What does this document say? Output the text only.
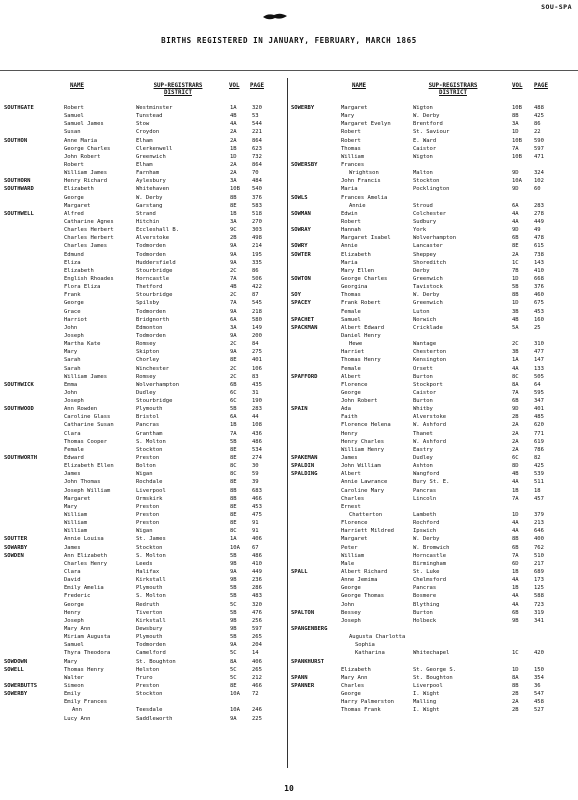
SOU-SPA
BIRTHS REGISTERED IN JANUARY, FEBRUARY, MARCH 1865
NAME	SUP-REGISTRARS DISTRICT
VOL PAGE	NAME	SUP-REGISTRARS DISTRICT
VOL PAGE
SOUTHGATE	Robert	Westminster	1A	320
Samuel	Tunstead	4B	53
Samuel James	Stow	4A	544
Susan	Croydon	2A	221
SOUTHON	Anne Maria	Elham	2A	864
George Charles	Clerkenwell	1B	623
John Robert	Greenwich	1D	732
Robert	Elham	2A	864
William James	Farnham	2A	70
SOUTHORN	Henry Richard	Aylesbury	3A	484
SOUTHWARD	Elizabeth	Whitehaven	10B 540
George	W. Derby	8B	376
Margaret	Garstang	8E	583
SOUTHWELL	Alfred	Strand	1B	518
Catharine Agnes	Hitchin	3A	270
Charles Herbert	Eccleshall B.	9C	303
Charles Herbert	Alverstoke	2B	498
Charles James	Todmorden	9A	214
Edmund	Todmorden	9A	195
Eliza	Huddersfield	9A	335
Elizabeth	Stourbridge	2C	86
English Rhoades	Horncastle	7A	506
Flora Eliza	Thetford	4B	422
Frank	Stourbridge	2C	87
George	Spilsby	7A	545
Grace	Todmorden	9A	218
Harriot	Bridgnorth	6A	580
John	Edmonton	3A	149
Joseph	Todmorden	9A	200
Martha Kate	Romsey	2C	84
Mary	Skipton	9A	275
Sarah	Chorley	8E	401
Sarah	Winchester	2C	106
William James	Romsey	2C	83
SOUTHWICK	Emma	Wolverhampton	6B	435
John	Dudley	6C	31
Joseph	Stourbridge	6C	190
SOUTHWOOD	Ann Rowden	Plymouth	5B	283
Caroline Glass	Bristol	6A	44
Catharine Susan	Pancras	1B	108
Clara	Grantham	7A	436
Thomas Cooper	S. Molton	5B	486
Female	Stockton	8E	534
SOUTHWORTH	Edward	Preston	8E	274
Elizabeth Ellen	Bolton	8C	30
James	Wigan	8C	59
John Thomas	Rochdale	8E	39
Joseph William	Liverpool	8B	683
Margaret	Ormskirk	8B	466
Mary	Preston	8E	453
William	Preston	8E	475
William	Preston	8E	91
William	Wigan	8C	91
SOUTTER	Annie Louisa	St. James	1A	406
SOWARBY	James	Stockton	10A 67
SOWDEN	Ann Elizabeth	S. Molton	5B	486
Charles Henry	Leeds	9B	410
Clara	Halifax	9A	449
David	Kirkstall	9B	236
Emily Amelia	Plymouth	5B	286
Frederic	S. Molton	5B	483
George	Redruth	5C	320
Henry	Tiverton	5B	476
Joseph	Kirkstall	9B	256
Mary Ann	Dewsbury	9B	597
Miriam Augusta	Plymouth	5B	265
Samuel	Todmorden	9A	204
Thyra Theodora	Camelford	5C	14
SOWDOWN	Mary	St. Boughton	8A	406
SOWELL	Thomas Henry	Helston	5C	265
Walter	Truro	5C	212
SOWERBUTTS	Simeon	Preston	8E	466
SOWERBY	Emily	Stockton	10A 72
Emily Frances
Ann	Teesdale	10A 246
Lucy Ann	Saddleworth	9A	225
SOWERBY	Margaret	Wigton	10B 488
Mary	W. Derby	8B	425
Margaret Evelyn	Brentford	3A	86
Robert	St. Saviour	1D	22
Robert	E. Ward	10B 590
Thomas	Caistor	7A	597
William	Wigton	10B 471
SOWERSBY	Frances
Wrightson	Malton	9D	324
John Francis	Stockton	10A 102
Maria	Pocklington	9D	60
SOWLS	Frances Amelia
Annie	Stroud	6A	283
SOWMAN	Edwin	Colchester	4A	278
Robert	Sudbury	4A	449
SOWRAY	Hannah	York	9D	49
Margaret Isabel	Wolverhampton	6B	478
SOWRY	Annie	Lancaster	8E	615
SOWTER	Elizabeth	Sheppey	2A	738
Maria	Shoreditch	1C	143
Mary Ellen	Derby	7B	410
SOWTON	George Charles	Greenwich	1D	668
Georgina	Tavistock	5B	376
SOY	Thomas	W. Derby	8B	460
SPACEY	Frank Robert	Greenwich	1D	675
Female	Luton	3B	453
SPACHET	Samuel	Norwich	4B	160
SPACKMAN	Albert Edward	Cricklade	5A	25
Daniel Henry
Hewe	Wantage	2C	310
Harriet	Chesterton	3B	477
Thomas Henry	Kensington	1A	147
Female	Orsett	4A	133
SPAFFORD	Albert	Burton	8C	505
Florence	Stockport	8A	64
George	Caistor	7A	595
John Robert	Burton	6B	347
SPAIN	Ada	Whitby	9D	401
Faith	Alverstoke	2B	485
Florence Helena	W. Ashford	2A	620
Henry	Thanet	2A	771
Henry Charles	W. Ashford	2A	619
William Henry	Eastry	2A	786
SPAKEMAN	James	Dudley	6C	82
SPALDIN	John William	Ashton	8D	425
SPALDING	Albert	Wangford	4B	539
Annie Lawrance	Bury St. E.	4A	511
Caroline Mary	Pancras	1B	18
Charles	Lincoln	7A	457
Ernest
Chatterton	Lambeth	1D	379
Florence	Rochford	4A	213
Harriett Mildred	Ipswich	4A	646
Margaret	W. Derby	8B	400
Peter	W. Bromwich	6B	762
William	Horncastle	7A	510
Male	Birmingham	6D	217
SPALL	Albert Richard	St. Luke	1B	689
Anne Jemima	Chelmsford	4A	173
George	Pancras	1B	125
George Thomas	Bosmere	4A	588
John	Blything	4A	723
SPALTON	Bessey	Burton	6B	319
Joseph	Holbeck	9B	341
SPANGENBERG
Augusta Charlotta
Sophia
Katharina	Whitechapel	1C	420
SPANKHURST
Elizabeth	St. George S.	1D	150
SPANN	Mary Ann	St. Boughton	8A	354
SPANNER	Charles	Liverpool	8B	36
George	I. Wight	2B	547
Harry Palmerston	Malling	2A	458
Thomas Frank	I. Wight	2B	527
10
